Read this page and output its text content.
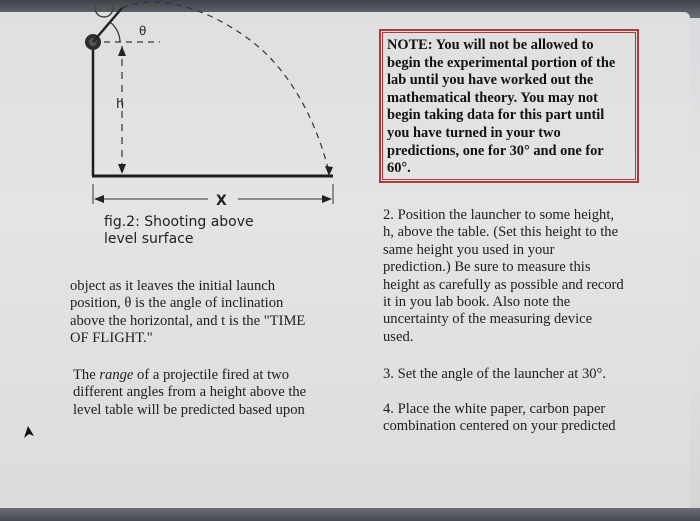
θ
h
X
fig.2: Shooting above
level surface
object as it leaves the initial launch
position, θ is the angle of inclination
above the horizontal, and t is the "TIME
OF FLIGHT."
The range of a projectile fired at two
different angles from a height above the
level table will be predicted based upon
NOTE: You will not be allowed to
begin the experimental portion of the
lab until you have worked out the
mathematical theory. You may not
begin taking data for this part until
you have turned in your two
predictions, one for 30° and one for
60°.
2. Position the launcher to some height,
h, above the table. (Set this height to the
same height you used in your
prediction.) Be sure to measure this
height as carefully as possible and record
it in you lab book. Also note the
uncertainty of the measuring device
used.
3. Set the angle of the launcher at 30°.
4. Place the white paper, carbon paper
combination centered on your predicted
